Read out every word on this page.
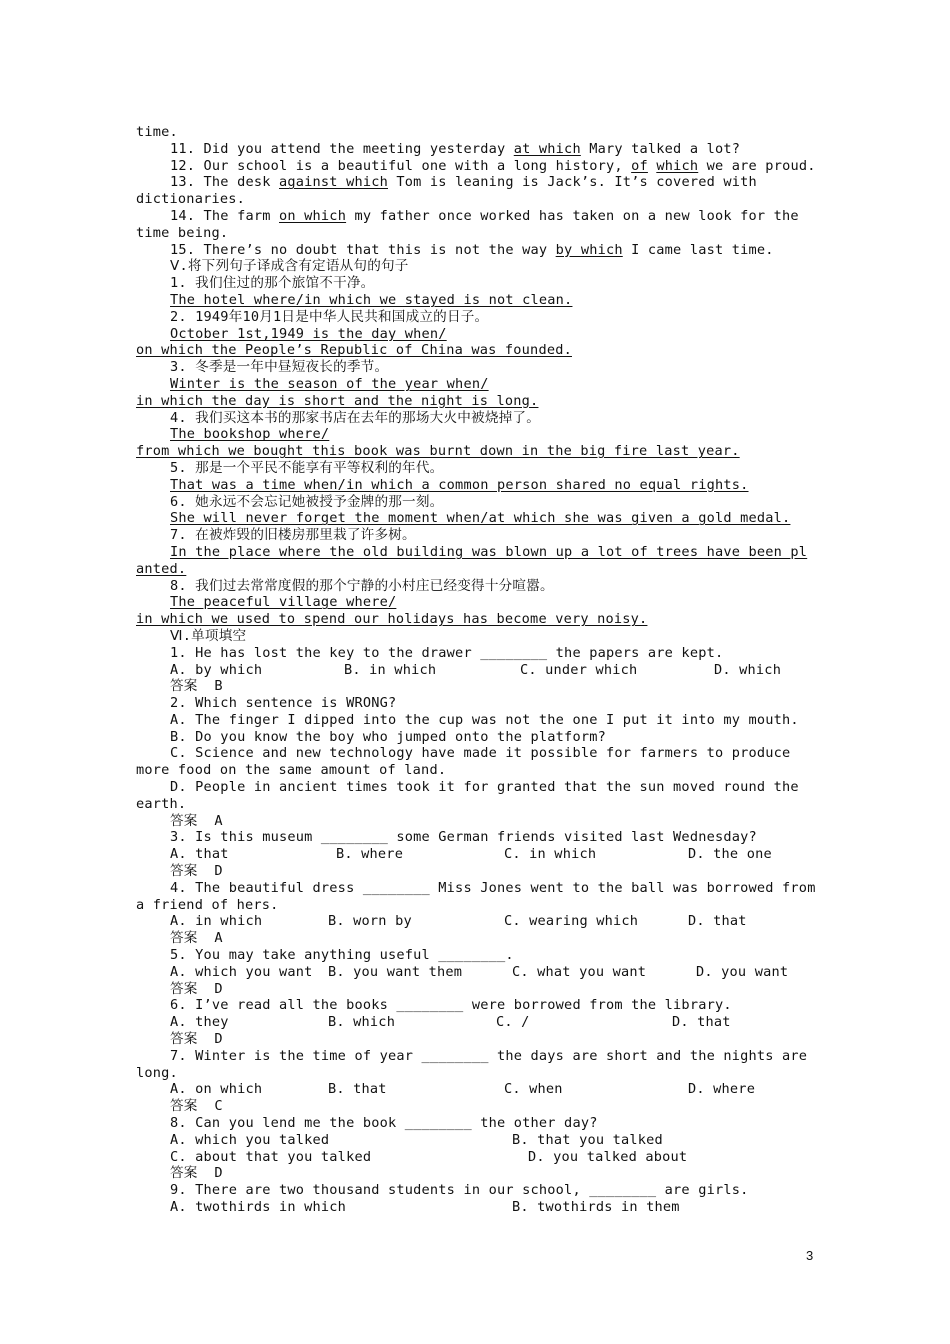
time.
11. Did you attend the meeting yesterday at which Mary talked a lot?
12. Our school is a beautiful one with a long history, of which we are proud.
13. The desk against which Tom is leaning is Jack’s. It’s covered with
dictionaries.
14. The farm on which my father once worked has taken on a new look for the
time being.
15. There’s no doubt that this is not the way by which I came last time.
Ⅴ.将下列句子译成含有定语从句的句子
1. 我们住过的那个旅馆不干净。
The hotel where/in which we stayed is not clean.
2. 1949年10月1日是中华人民共和国成立的日子。
October 1st,1949 is the day when/
on which the People’s Republic of China was founded.
3. 冬季是一年中昼短夜长的季节。
Winter is the season of the year when/
in which the day is short and the night is long.
4. 我们买这本书的那家书店在去年的那场大火中被烧掉了。
The bookshop where/
from which we bought this book was burnt down in the big fire last year.
5. 那是一个平民不能享有平等权利的年代。
That was a time when/in which a common person shared no equal rights.
6. 她永远不会忘记她被授予金牌的那一刻。
She will never forget the moment when/at which she was given a gold medal.
7. 在被炸毁的旧楼房那里栽了许多树。
In the place where the old building was blown up a lot of trees have been pl
anted.
8. 我们过去常常度假的那个宁静的小村庄已经变得十分喧嚣。
The peaceful village where/
in which we used to spend our holidays has become very noisy.
Ⅵ.单项填空
1. He has lost the key to the drawer ________ the papers are kept.
A. by which	B. in which	C. under which	D. which
答案 B
2. Which sentence is WRONG?
A. The finger I dipped into the cup was not the one I put it into my mouth.
B. Do you know the boy who jumped onto the platform?
C. Science and new technology have made it possible for farmers to produce
more food on the same amount of land.
D. People in ancient times took it for granted that the sun moved round the
earth.
答案 A
3. Is this museum ________ some German friends visited last Wednesday?
A. that	B. where	C. in which	D. the one
答案 D
4. The beautiful dress ________ Miss Jones went to the ball was borrowed from
a friend of hers.
A. in which	B. worn by	C. wearing which	D. that
答案 A
5. You may take anything useful ________.
A. which you want	B. you want them	C. what you want	D. you want
答案 D
6. I’ve read all the books ________ were borrowed from the library.
A. they	B. which	C. /	D. that
答案 D
7. Winter is the time of year ________ the days are short and the nights are
long.
A. on which	B. that	C. when	D. where
答案 C
8. Can you lend me the book ________ the other day?
A. which you talked	B. that you talked
C. about that you talked	D. you talked about
答案 D
9. There are two thousand students in our school, ________ are girls.
A. twothirds in which	B. twothirds in them
3
